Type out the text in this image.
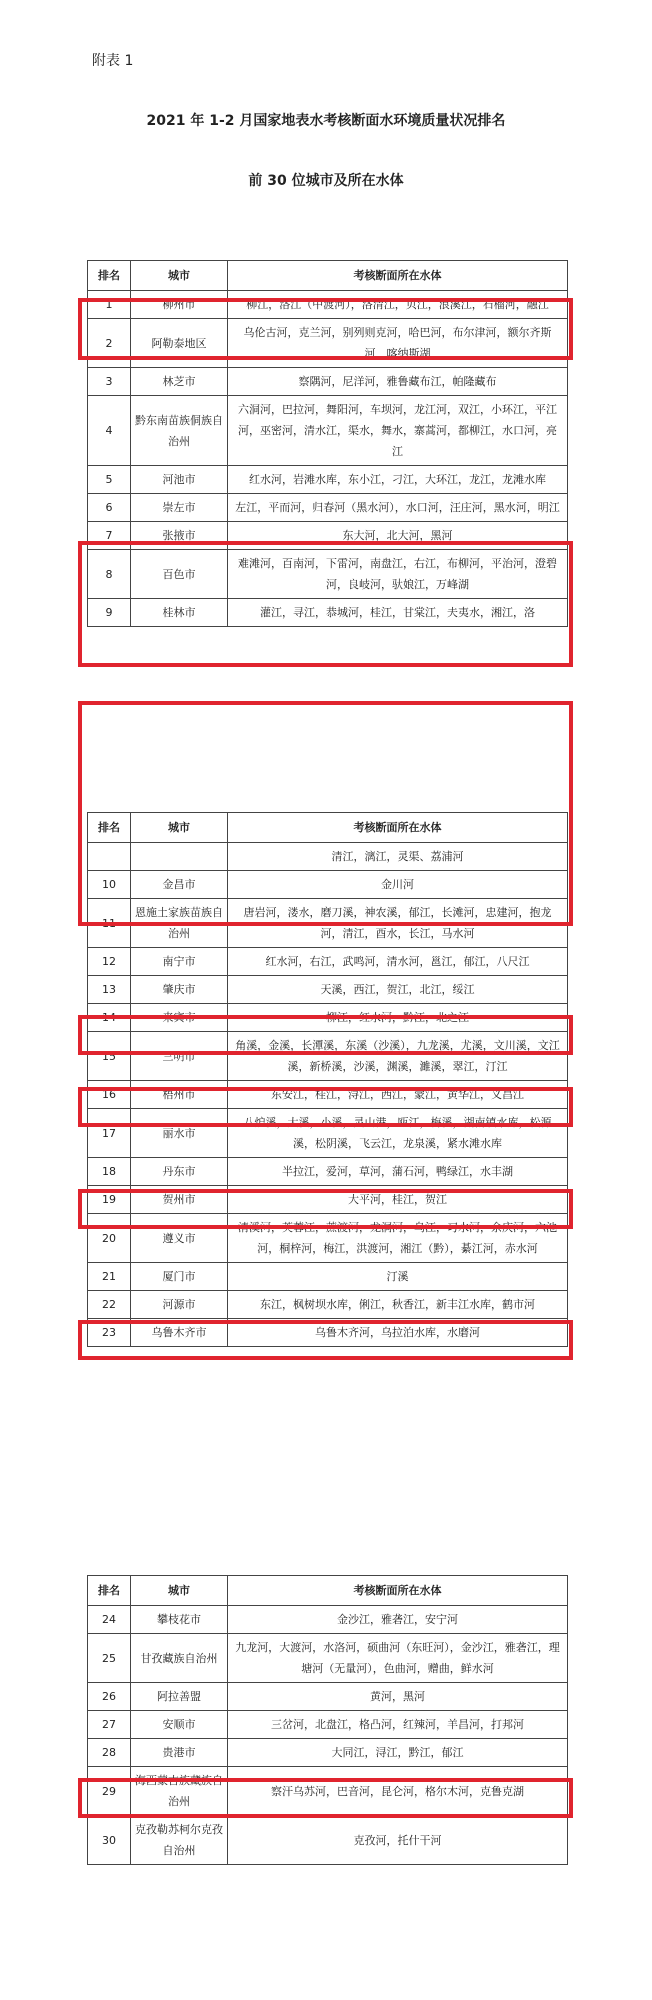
附表 1
2021 年 1-2 月国家地表水考核断面水环境质量状况排名
前 30 位城市及所在水体
排名	城市	考核断面所在水体
1	柳州市	柳江，洛江（中渡河），洛清江，贝江，浪溪江，石榴河，融江
2	阿勒泰地区	乌伦古河，克兰河，别列则克河，哈巴河，布尔津河，额尔齐斯河，喀纳斯湖
3	林芝市	察隅河，尼洋河，雅鲁藏布江，帕隆藏布
4	黔东南苗族侗族自治州	六洞河，巴拉河，舞阳河，车坝河，龙江河，双江，小环江，平江河，巫密河，清水江，渠水，舞水，寨蒿河，都柳江，水口河，亮江
5	河池市	红水河，岩滩水库，东小江，刁江，大环江，龙江，龙滩水库
6	崇左市	左江，平而河，归春河（黑水河），水口河，汪庄河，黑水河，明江
7	张掖市	东大河，北大河，黑河
8	百色市	难滩河，百南河，下雷河，南盘江，右江，布柳河，平治河，澄碧河，良岐河，驮娘江，万峰湖
9	桂林市	灌江，寻江，恭城河，桂江，甘棠江，夫夷水，湘江，洛
排名	城市	考核断面所在水体
		清江，漓江，灵渠、荔浦河
10	金昌市	金川河
11	恩施土家族苗族自治州	唐岩河，溇水，磨刀溪，神农溪，郁江，长滩河，忠建河，抱龙河，清江，酉水，长江，马水河
12	南宁市	红水河，右江，武鸣河，清水河，邕江，郁江，八尺江
13	肇庆市	天溪，西江，贺江，北江，绥江
14	来宾市	柳江，红水河，黔江，北之江
15	三明市	角溪，金溪，长潭溪，东溪（沙溪），九龙溪，尤溪，文川溪，文江溪，新桥溪，沙溪，渊溪，濉溪，翠江，汀江
16	梧州市	东安江，桂江，浔江，西江，蒙江，黄华江，义昌江
17	丽水市	八炉溪，大溪，小溪，灵山港，瓯江，梅溪，湖南镇水库，松源溪，松阴溪，飞云江，龙泉溪，紧水滩水库
18	丹东市	半拉江，爱河，草河，蒲石河，鸭绿江，水丰湖
19	贺州市	大平河，桂江，贺江
20	遵义市	清溪河，芙蓉江，蔗渡河，龙洞河，乌江，习水河，余庆河，六池河，桐梓河，梅江，洪渡河，湘江（黔），綦江河，赤水河
21	厦门市	汀溪
22	河源市	东江，枫树坝水库，俐江，秋香江，新丰江水库，鹤市河
23	乌鲁木齐市	乌鲁木齐河，乌拉泊水库，水磨河
排名	城市	考核断面所在水体
24	攀枝花市	金沙江，雅砻江，安宁河
25	甘孜藏族自治州	九龙河，大渡河，水洛河，硕曲河（东旺河），金沙江，雅砻江，理塘河（无量河），色曲河，赠曲，鲜水河
26	阿拉善盟	黄河，黑河
27	安顺市	三岔河，北盘江，格凸河，红辣河，羊昌河，打邦河
28	贵港市	大同江，浔江，黔江，郁江
29	海西蒙古族藏族自治州	察汗乌苏河，巴音河，昆仑河，格尔木河，克鲁克湖
30	克孜勒苏柯尔克孜自治州	克孜河，托什干河
